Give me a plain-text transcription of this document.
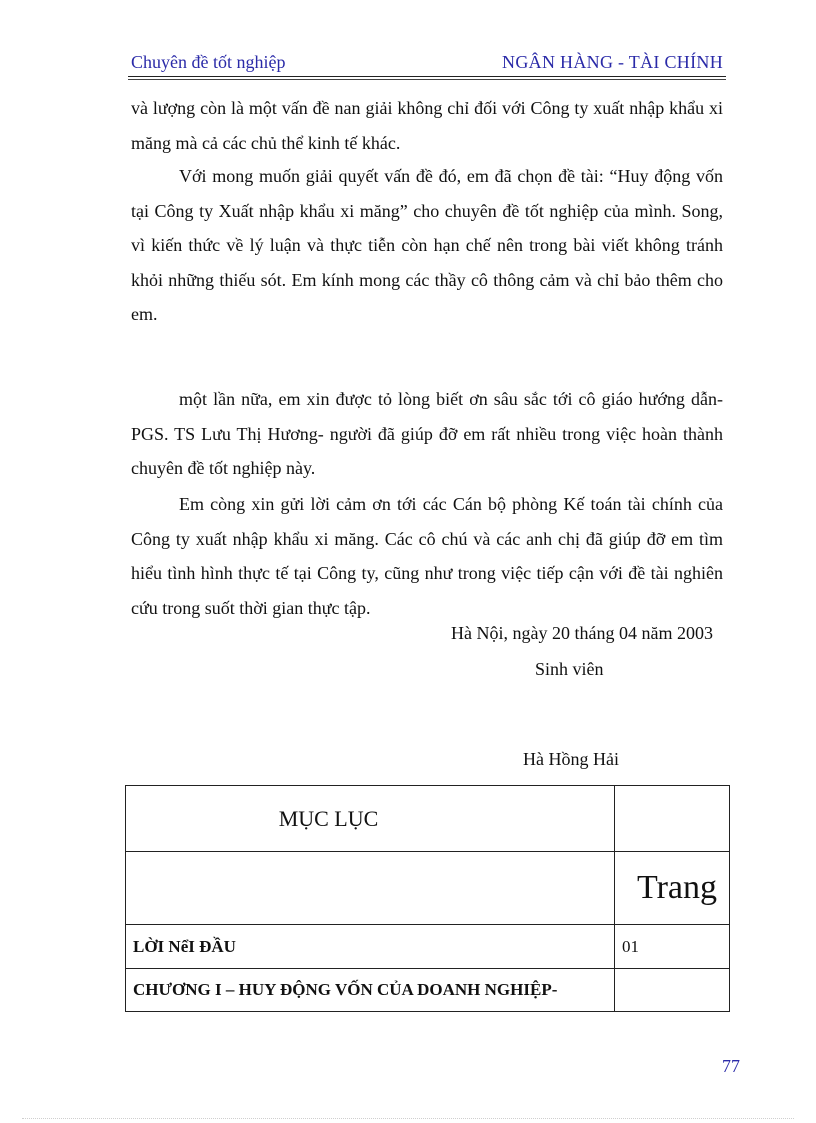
Chuyên đề tốt nghiệp	NGÂN HÀNG - TÀI CHÍNH

và lượng còn là một vấn đề nan giải không chỉ đối với Công ty xuất nhập khẩu xi măng mà cả các chủ thể kinh tế khác.

Với mong muốn giải quyết vấn đề đó, em đã chọn đề tài: “Huy động vốn tại Công ty Xuất nhập khẩu xi măng” cho chuyên đề tốt nghiệp của mình. Song, vì kiến thức về lý luận và thực tiễn còn hạn chế nên trong bài viết không tránh khỏi những thiếu sót. Em kính mong các thầy cô thông cảm và chỉ bảo thêm cho em.

một lần nữa, em xin được tỏ lòng biết ơn sâu sắc tới cô giáo hướng dẫn- PGS. TS Lưu Thị Hương- người đã giúp đỡ em rất nhiều trong việc hoàn thành chuyên đề tốt nghiệp này.

Em còng xin gửi lời cảm ơn tới các Cán bộ phòng Kế toán tài chính của Công ty xuất nhập khẩu xi măng. Các cô chú và các anh chị đã giúp đỡ em tìm hiểu tình hình thực tế tại Công ty, cũng như trong việc tiếp cận với đề tài nghiên cứu trong suốt thời gian thực tập.

Hà Nội, ngày 20 tháng 04 năm 2003
Sinh viên
Hà Hồng Hải
MỤC LỤC	
	Trang
LỜI NểI ĐẦU	01
CHƯƠNG I – HUY ĐỘNG VỐN CỦA DOANH NGHIỆP-	
77
